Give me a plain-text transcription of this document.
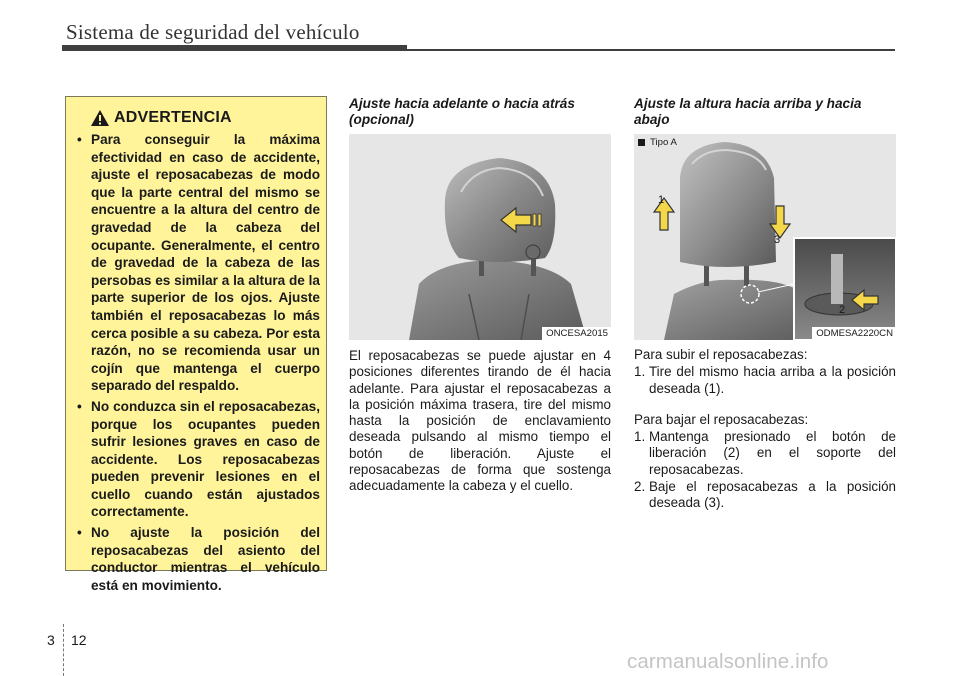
Sistema de seguridad del vehículo
ADVERTENCIA
• Para conseguir la máxima efectividad en caso de accidente, ajuste el reposacabezas de modo que la parte central del mismo se encuentre a la altura del centro de gravedad de la cabeza del ocupante. Generalmente, el centro de gravedad de la cabeza de las persobas es similar a la altura de la parte superior de los ojos. Ajuste también el reposacabezas lo más cerca posible a su cabeza. Por esta razón, no se recomienda usar un cojín que mantenga el cuerpo separado del respaldo.
• No conduzca sin el reposacabezas, porque los ocupantes pueden sufrir lesiones graves en caso de accidente. Los reposacabezas pueden prevenir lesiones en el cuello cuando están ajustados correctamente.
• No ajuste la posición del reposacabezas del asiento del conductor mientras el vehículo está en movimiento.
Ajuste hacia adelante o hacia atrás (opcional)
ONCESA2015

El reposacabezas se puede ajustar en 4 posiciones diferentes tirando de él hacia adelante. Para ajustar el reposacabezas a la posición máxima trasera, tire del mismo hasta la posición de enclavamiento deseada pulsando al mismo tiempo el botón de liberación. Ajuste el reposacabezas de forma que sostenga adecuadamente la cabeza y el cuello.

Ajuste la altura hacia arriba y hacia abajo
Tipo A
1
3
2
ODMESA2220CN

Para subir el reposacabezas:

1. Tire del mismo hacia arriba a la posición deseada (1).

Para bajar el reposacabezas:

1. Mantenga presionado el botón de liberación (2) en el soporte del reposacabezas.
2. Baje el reposacabezas a la posición deseada (3).
3 12
carmanualsonline.info
